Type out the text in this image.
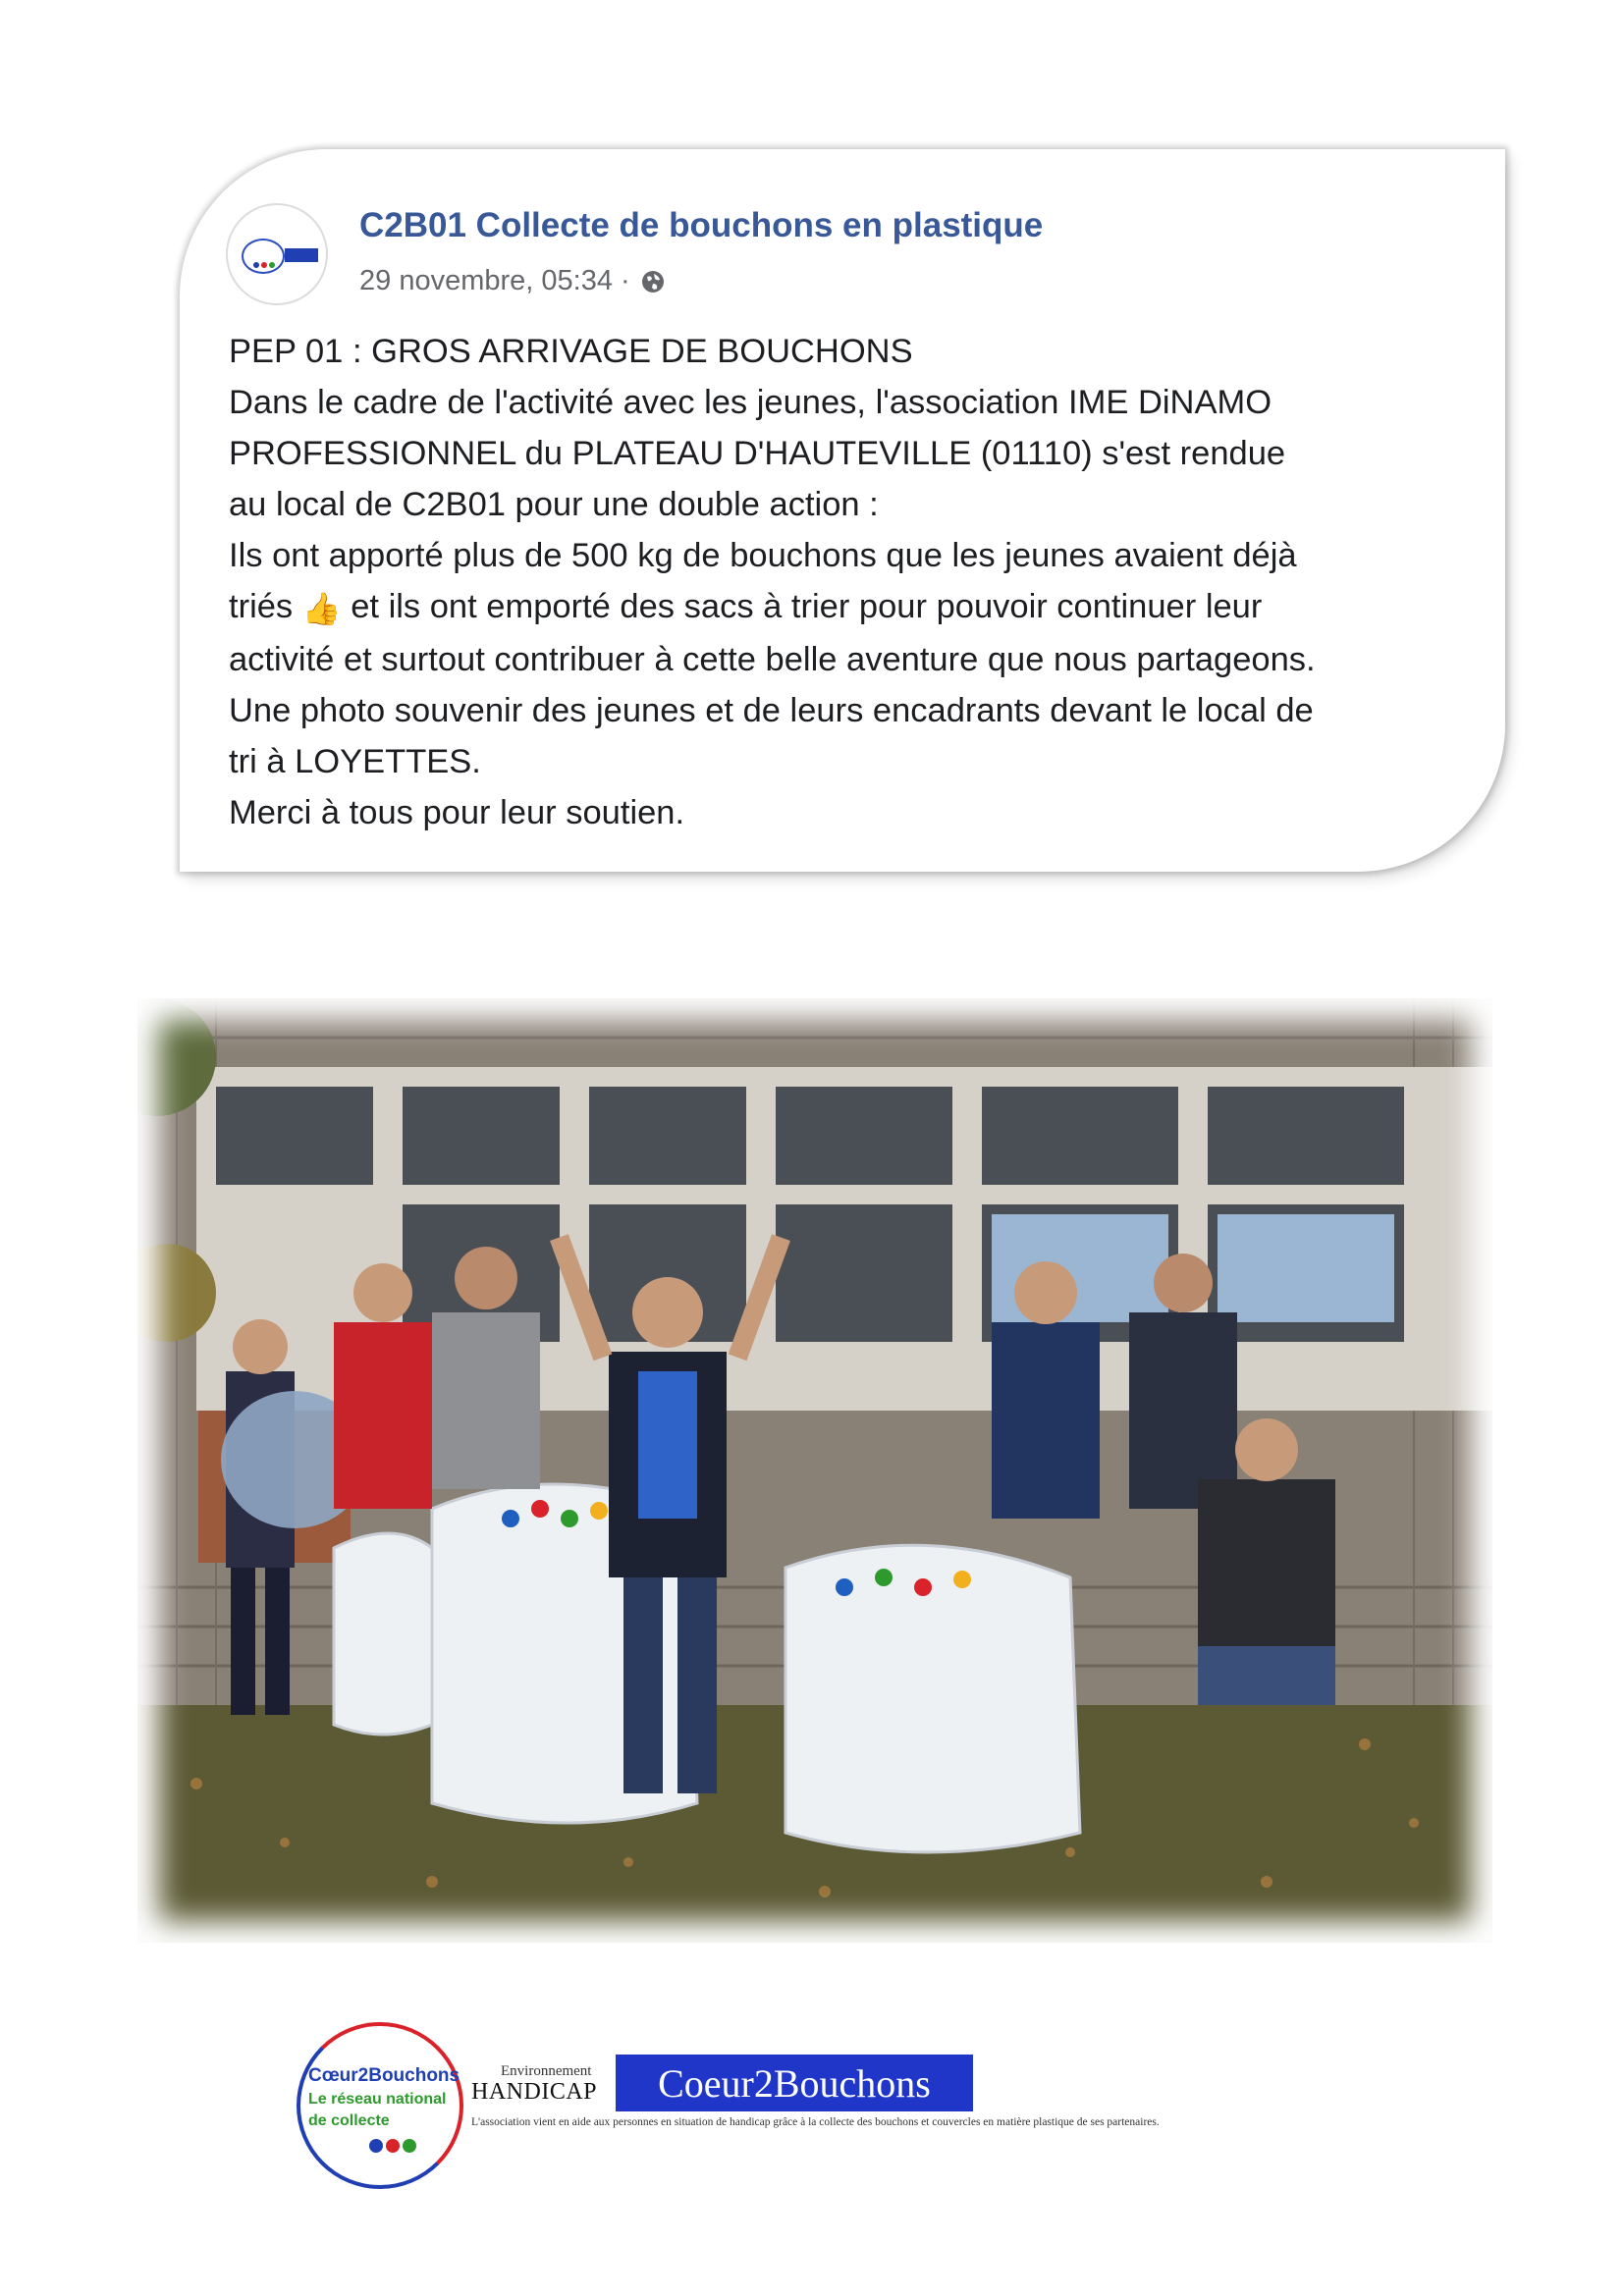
C2B01 Collecte de bouchons en plastique
29 novembre, 05:34 ·

PEP 01 : GROS ARRIVAGE DE BOUCHONS

Dans le cadre de l'activité avec les jeunes, l'association IME DiNAMO

PROFESSIONNEL du PLATEAU D'HAUTEVILLE (01110) s'est rendue

au local de C2B01 pour une double action :

Ils ont apporté plus de 500 kg de bouchons que les jeunes avaient déjà

triés 👍 et ils ont emporté des sacs à trier pour pouvoir continuer leur

activité et surtout contribuer à cette belle aventure que nous partageons.

Une photo souvenir des jeunes et de leurs encadrants devant le local de

tri à LOYETTES.

Merci à tous pour leur soutien.

Cœur2Bouchons
Le réseau national
de collecte
Environnement
HANDICAP	Coeur2Bouchons
L'association vient en aide aux personnes en situation de handicap grâce à la collecte des bouchons et couvercles en matière plastique de ses partenaires.
